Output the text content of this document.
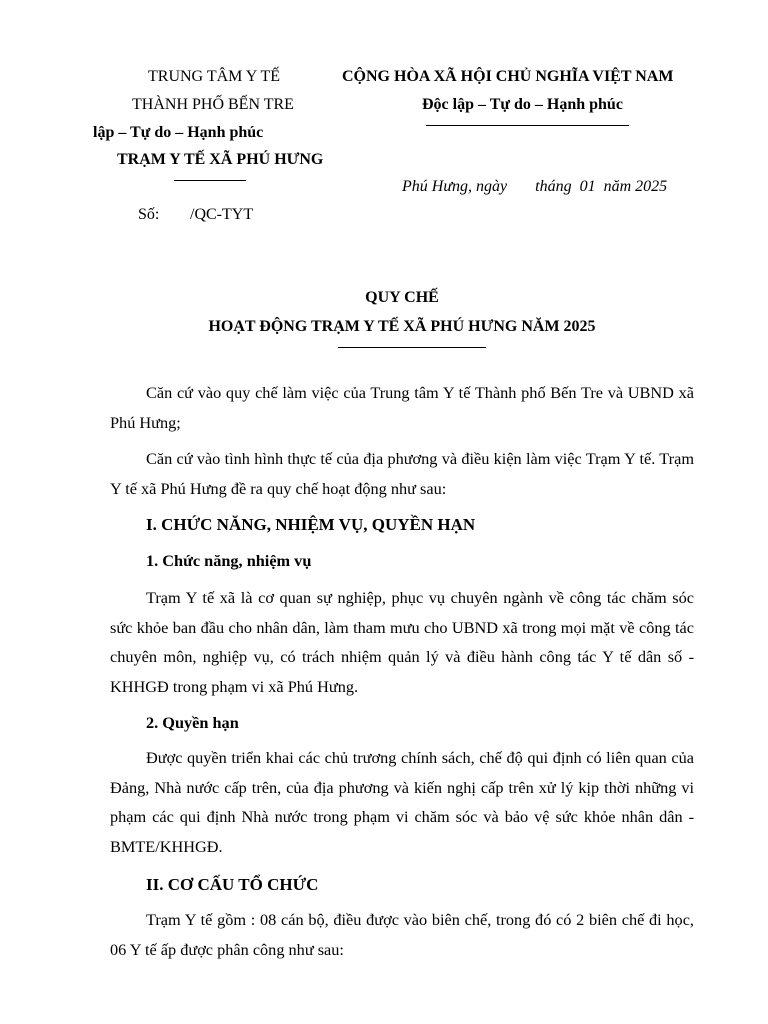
TRUNG TÂM Y TẾ
THÀNH PHỐ BẾN TRE
lập – Tự do – Hạnh phúc
TRẠM Y TẾ XÃ PHÚ HƯNG
Số: /QC-TYT
CỘNG HÒA XÃ HỘI CHỦ NGHĨA VIỆT NAM
Độc lập – Tự do – Hạnh phúc
Phú Hưng, ngày       tháng  01  năm 2025
QUY CHẾ
HOẠT ĐỘNG TRẠM Y TẾ XÃ PHÚ HƯNG NĂM 2025

Căn cứ vào quy chế làm việc của Trung tâm Y tế Thành phố Bến Tre và UBND xã Phú Hưng;

Căn cứ vào tình hình thực tế của địa phương và điều kiện làm việc Trạm Y tế. Trạm Y tế xã Phú Hưng đề ra quy chế hoạt động như sau:

I. CHỨC NĂNG, NHIỆM VỤ, QUYỀN HẠN
1. Chức năng, nhiệm vụ

Trạm Y tế xã là cơ quan sự nghiệp, phục vụ chuyên ngành về công tác chăm sóc sức khỏe ban đầu cho nhân dân, làm tham mưu cho UBND xã trong mọi mặt về công tác chuyên môn, nghiệp vụ, có trách nhiệm quản lý và điều hành công tác Y tế dân số - KHHGĐ trong phạm vi xã Phú Hưng.

2. Quyền hạn

Được quyền triển khai các chủ trương chính sách, chế độ qui định có liên quan của Đảng, Nhà nước cấp trên, của địa phương và kiến nghị cấp trên xử lý kịp thời những vi phạm các qui định Nhà nước trong phạm vi chăm sóc và bảo vệ sức khỏe nhân dân - BMTE/KHHGĐ.

II. CƠ CẤU TỔ CHỨC

Trạm Y tế gồm : 08 cán bộ, điều được vào biên chế, trong đó có 2 biên chế đi học, 06 Y tế ấp được phân công như sau:
